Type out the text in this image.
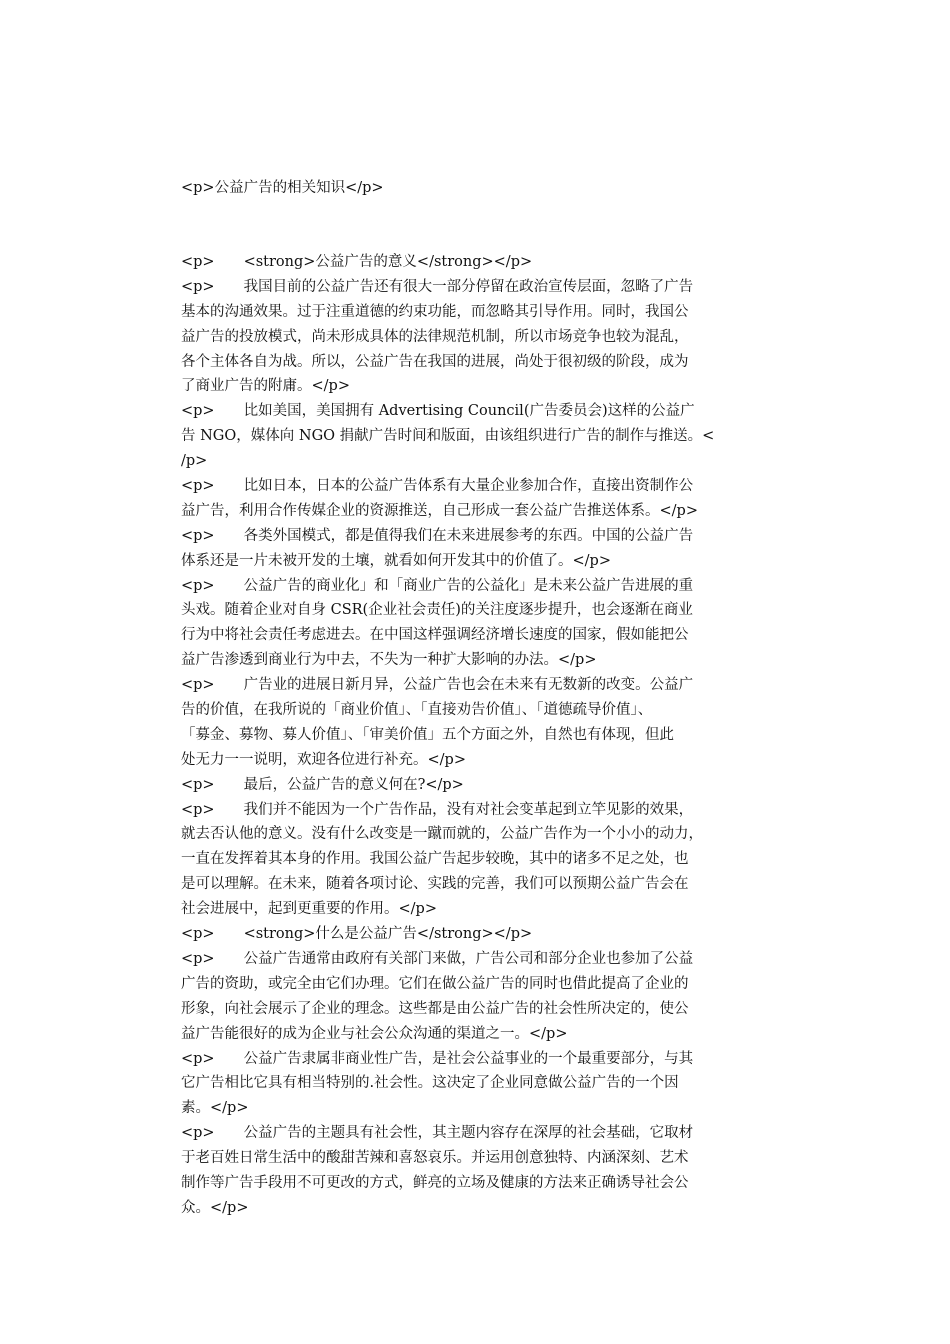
<p>公益广告的相关知识</p>
<p>　　<strong>公益广告的意义</strong></p>
<p>　　我国目前的公益广告还有很大一部分停留在政治宣传层面，忽略了广告
基本的沟通效果。过于注重道德的约束功能，而忽略其引导作用。同时，我国公
益广告的投放模式，尚未形成具体的法律规范机制，所以市场竞争也较为混乱，
各个主体各自为战。所以，公益广告在我国的进展，尚处于很初级的阶段，成为
了商业广告的附庸。</p>
<p>　　比如美国，美国拥有 Advertising Council(广告委员会)这样的公益广
告 NGO，媒体向 NGO 捐献广告时间和版面，由该组织进行广告的制作与推送。<
/p>
<p>　　比如日本，日本的公益广告体系有大量企业参加合作，直接出资制作公
益广告，利用合作传媒企业的资源推送，自己形成一套公益广告推送体系。</p>
<p>　　各类外国模式，都是值得我们在未来进展参考的东西。中国的公益广告
体系还是一片未被开发的土壤，就看如何开发其中的价值了。</p>
<p>　　公益广告的商业化」和「商业广告的公益化」是未来公益广告进展的重
头戏。随着企业对自身 CSR(企业社会责任)的关注度逐步提升，也会逐渐在商业
行为中将社会责任考虑进去。在中国这样强调经济增长速度的国家，假如能把公
益广告渗透到商业行为中去，不失为一种扩大影响的办法。</p>
<p>　　广告业的进展日新月异，公益广告也会在未来有无数新的改变。公益广
告的价值，在我所说的「商业价值」、「直接劝告价值」、「道德疏导价值」、
「募金、募物、募人价值」、「审美价值」五个方面之外，自然也有体现，但此
处无力一一说明，欢迎各位进行补充。</p>
<p>　　最后，公益广告的意义何在?</p>
<p>　　我们并不能因为一个广告作品，没有对社会变革起到立竿见影的效果，
就去否认他的意义。没有什么改变是一蹴而就的，公益广告作为一个小小的动力，
一直在发挥着其本身的作用。我国公益广告起步较晚，其中的诸多不足之处，也
是可以理解。在未来，随着各项讨论、实践的完善，我们可以预期公益广告会在
社会进展中，起到更重要的作用。</p>
<p>　　<strong>什么是公益广告</strong></p>
<p>　　公益广告通常由政府有关部门来做，广告公司和部分企业也参加了公益
广告的资助，或完全由它们办理。它们在做公益广告的同时也借此提高了企业的
形象，向社会展示了企业的理念。这些都是由公益广告的社会性所决定的，使公
益广告能很好的成为企业与社会公众沟通的渠道之一。</p>
<p>　　公益广告隶属非商业性广告，是社会公益事业的一个最重要部分，与其
它广告相比它具有相当特别的.社会性。这决定了企业同意做公益广告的一个因
素。</p>
<p>　　公益广告的主题具有社会性，其主题内容存在深厚的社会基础，它取材
于老百姓日常生活中的酸甜苦辣和喜怒哀乐。并运用创意独特、内涵深刻、艺术
制作等广告手段用不可更改的方式，鲜亮的立场及健康的方法来正确诱导社会公
众。</p>
